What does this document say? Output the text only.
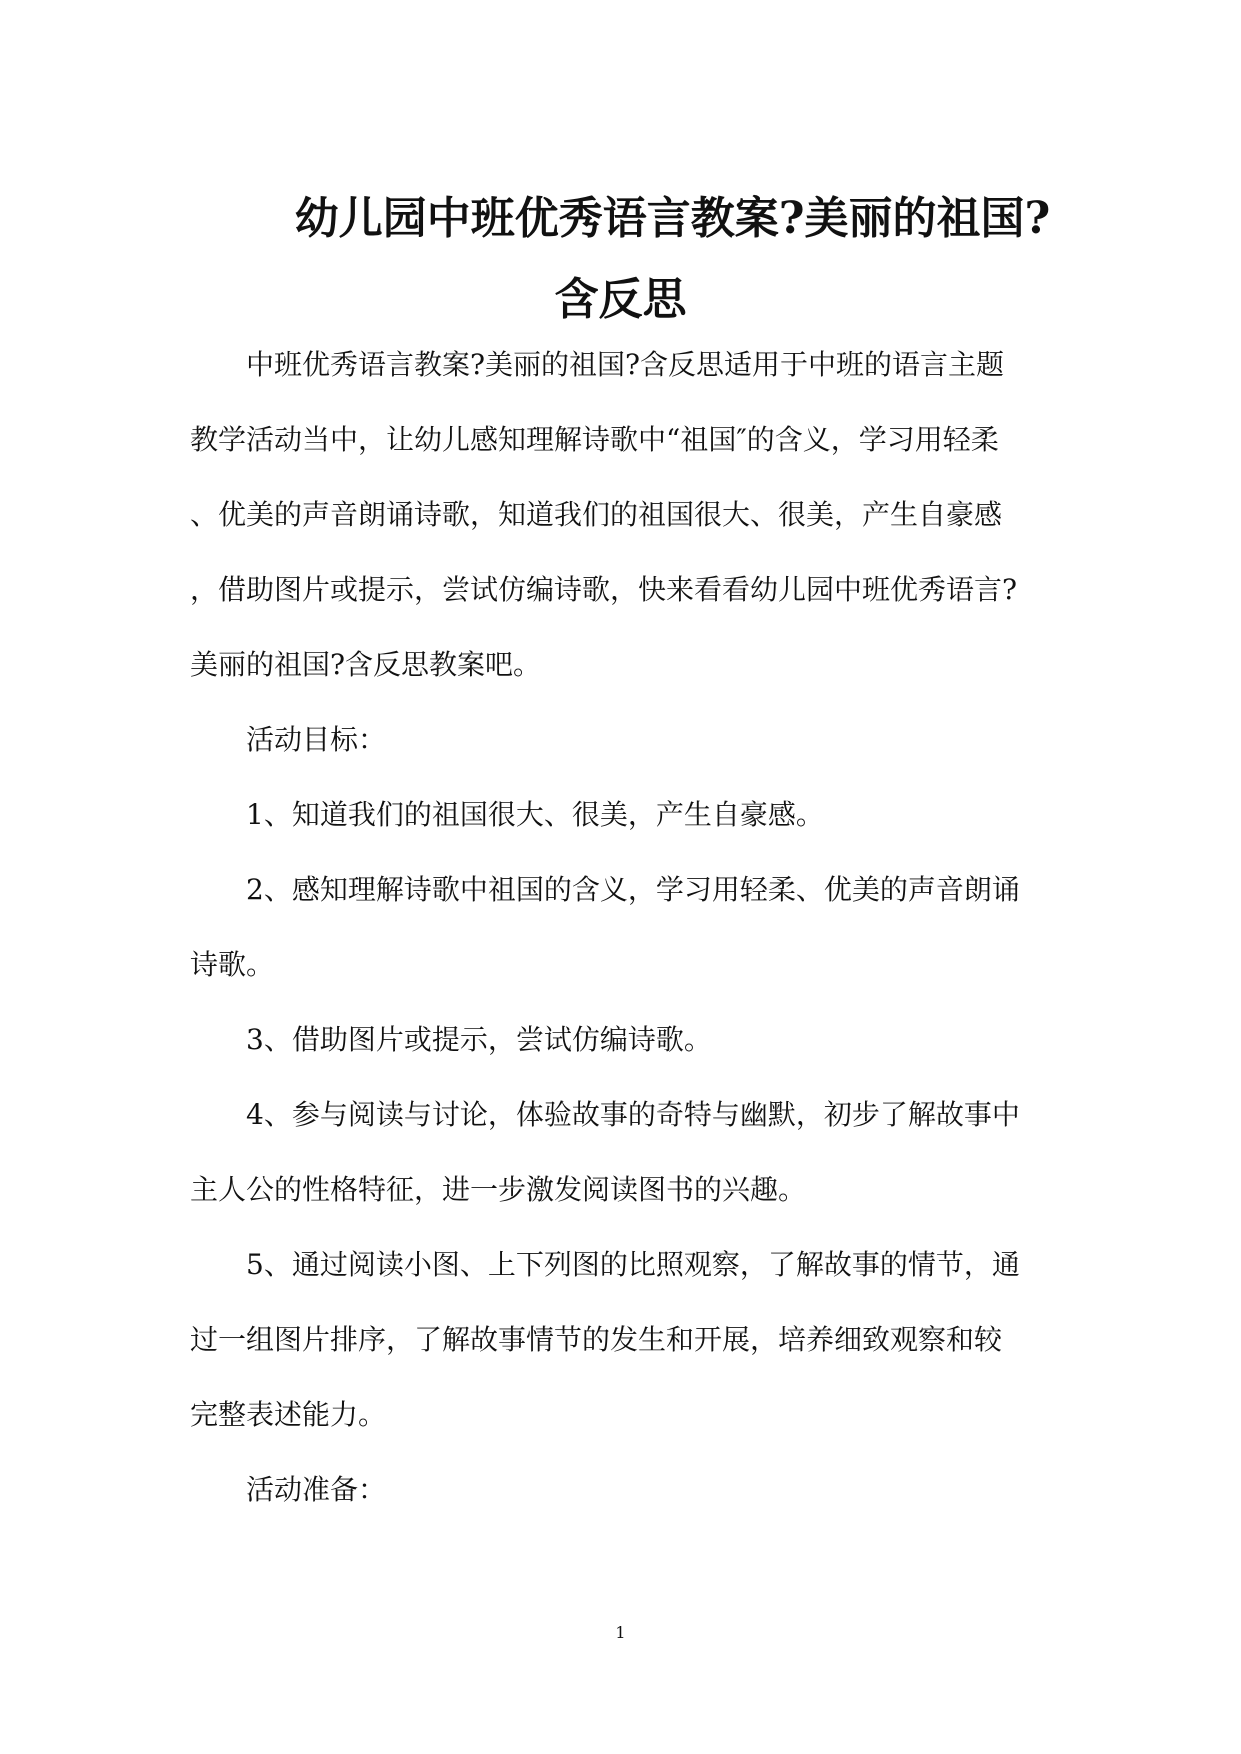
幼儿园中班优秀语言教案?美丽的祖国?
含反思
中班优秀语言教案?美丽的祖国?含反思适用于中班的语言主题
教学活动当中，让幼儿感知理解诗歌中“祖国″的含义，学习用轻柔
、优美的声音朗诵诗歌，知道我们的祖国很大、很美，产生自豪感
，借助图片或提示，尝试仿编诗歌，快来看看幼儿园中班优秀语言?
美丽的祖国?含反思教案吧。
活动目标：
1、知道我们的祖国很大、很美，产生自豪感。
2、感知理解诗歌中祖国的含义，学习用轻柔、优美的声音朗诵
诗歌。
3、借助图片或提示，尝试仿编诗歌。
4、参与阅读与讨论，体验故事的奇特与幽默，初步了解故事中
主人公的性格特征，进一步激发阅读图书的兴趣。
5、通过阅读小图、上下列图的比照观察，了解故事的情节，通
过一组图片排序，了解故事情节的发生和开展，培养细致观察和较
完整表述能力。
活动准备：
1
